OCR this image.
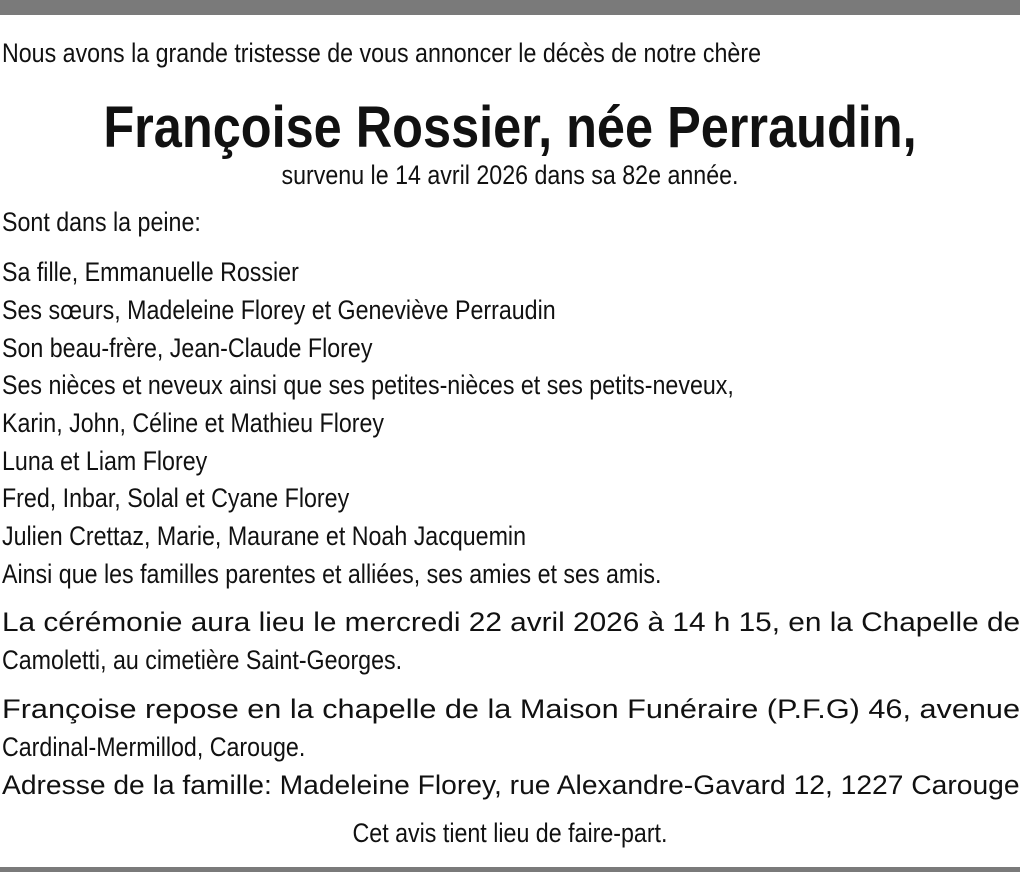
Nous avons la grande tristesse de vous annoncer le décès de notre chère
Françoise Rossier, née Perraudin,
survenu le 14 avril 2026 dans sa 82e année.
Sont dans la peine:
Sa fille, Emmanuelle Rossier
Ses sœurs, Madeleine Florey et Geneviève Perraudin
Son beau-frère, Jean-Claude Florey
Ses nièces et neveux ainsi que ses petites-nièces et ses petits-neveux,
Karin, John, Céline et Mathieu Florey
Luna et Liam Florey
Fred, Inbar, Solal et Cyane Florey
Julien Crettaz, Marie, Maurane et Noah Jacquemin
Ainsi que les familles parentes et alliées, ses amies et ses amis.
La cérémonie aura lieu le mercredi 22 avril 2026 à 14 h 15, en la Chapelle de
Camoletti, au cimetière Saint-Georges.
Françoise repose en la chapelle de la Maison Funéraire (P.F.G) 46, avenue
Cardinal-Mermillod, Carouge.
Adresse de la famille: Madeleine Florey, rue Alexandre-Gavard 12, 1227 Carouge
Cet avis tient lieu de faire-part.
